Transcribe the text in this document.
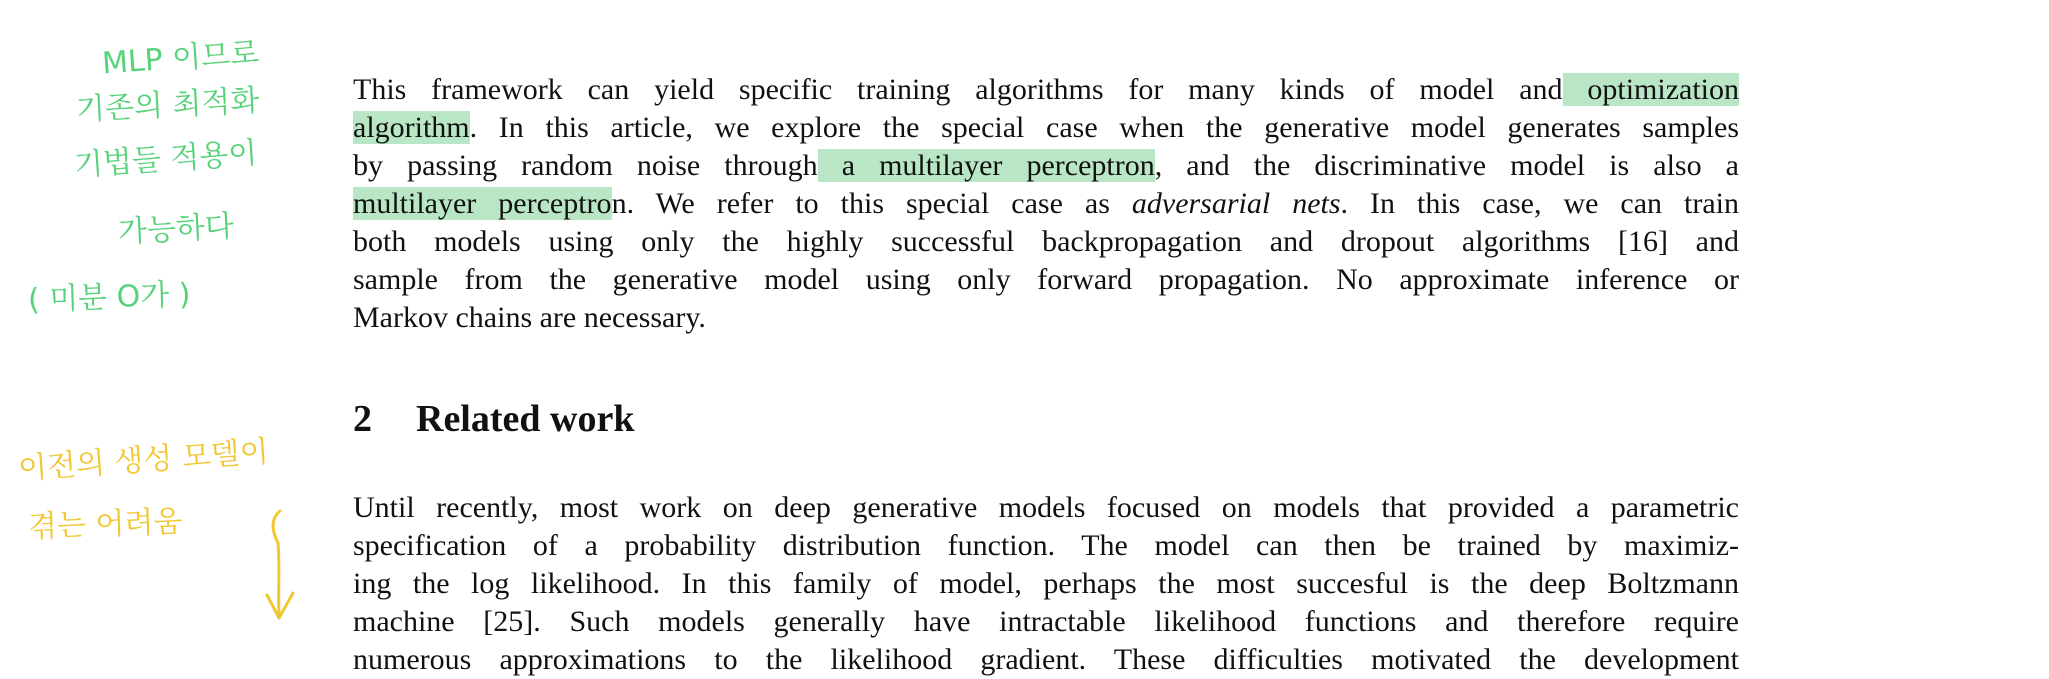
MLP 이므로
기존의 최적화
기법들 적용이
가능하다
( 미분 O가 )
이전의 생성 모델이
겪는 어려움
This framework can yield specific training algorithms for many kinds of model and optimization
algorithm. In this article, we explore the special case when the generative model generates samples
by passing random noise through a multilayer perceptron, and the discriminative model is also a
multilayer perceptron. We refer to this special case as adversarial nets. In this case, we can train
both models using only the highly successful backpropagation and dropout algorithms [16] and
sample from the generative model using only forward propagation. No approximate inference or
Markov chains are necessary.
2 Related work
Until recently, most work on deep generative models focused on models that provided a parametric
specification of a probability distribution function. The model can then be trained by maximiz-
ing the log likelihood. In this family of model, perhaps the most succesful is the deep Boltzmann
machine [25]. Such models generally have intractable likelihood functions and therefore require
numerous approximations to the likelihood gradient. These difficulties motivated the development
